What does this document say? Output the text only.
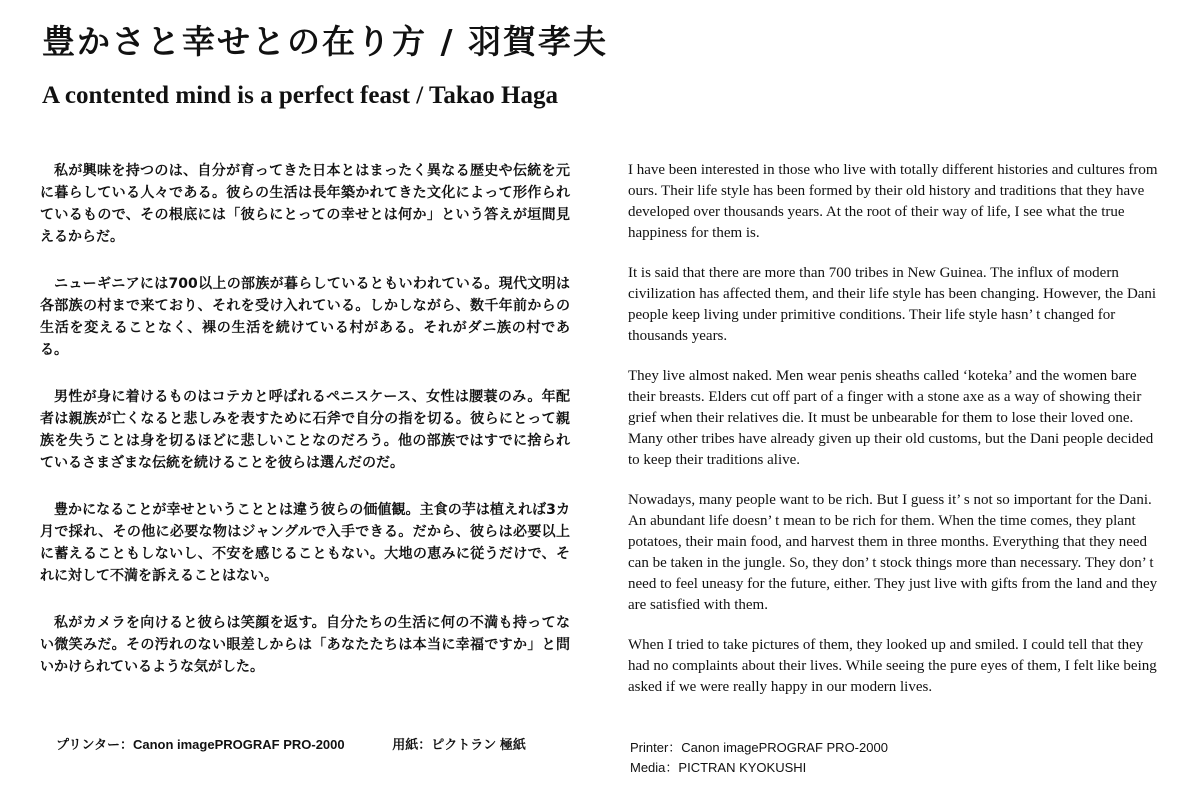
豊かさと幸せとの在り方 / 羽賀孝夫
A contented mind is a perfect feast / Takao Haga

私が興味を持つのは、自分が育ってきた日本とはまったく異なる歴史や伝統を元に暮らしている人々である。彼らの生活は長年築かれてきた文化によって形作られているもので、その根底には「彼らにとっての幸せとは何か」という答えが垣間見えるからだ。

ニューギニアには700以上の部族が暮らしているともいわれている。現代文明は各部族の村まで来ており、それを受け入れている。しかしながら、数千年前からの生活を変えることなく、裸の生活を続けている村がある。それがダニ族の村である。

男性が身に着けるものはコテカと呼ばれるペニスケース、女性は腰蓑のみ。年配者は親族が亡くなると悲しみを表すために石斧で自分の指を切る。彼らにとって親族を失うことは身を切るほどに悲しいことなのだろう。他の部族ではすでに捨られているさまざまな伝統を続けることを彼らは選んだのだ。

豊かになることが幸せということとは違う彼らの価値観。主食の芋は植えれば3カ月で採れ、その他に必要な物はジャングルで入手できる。だから、彼らは必要以上に蓄えることもしないし、不安を感じることもない。大地の恵みに従うだけで、それに対して不満を訴えることはない。

私がカメラを向けると彼らは笑顔を返す。自分たちの生活に何の不満も持ってない微笑みだ。その汚れのない眼差しからは「あなたたちは本当に幸福ですか」と問いかけられているような気がした。

I have been interested in those who live with totally different histories and cultures from ours. Their life style has been formed by their old history and traditions that they have developed over thousands years. At the root of their way of life, I see what the true happiness for them is.

It is said that there are more than 700 tribes in New Guinea. The influx of modern civilization has affected them, and their life style has been changing. However, the Dani people keep living under primitive conditions. Their life style hasn’ t changed for thousands years.

They live almost naked. Men wear penis sheaths called ‘koteka’ and the women bare their breasts. Elders cut off part of a finger with a stone axe as a way of showing their grief when their relatives die. It must be unbearable for them to lose their loved one. Many other tribes have already given up their old customs, but the Dani people decided to keep their traditions alive.

Nowadays, many people want to be rich. But I guess it’ s not so important for the Dani. An abundant life doesn’ t mean to be rich for them. When the time comes, they plant potatoes, their main food, and harvest them in three months. Everything that they need can be taken in the jungle. So, they don’ t stock things more than necessary. They don’ t need to feel uneasy for the future, either. They just live with gifts from the land and they are satisfied with them.

When I tried to take pictures of them, they looked up and smiled. I could tell that they had no complaints about their lives. While seeing the pure eyes of them, I felt like being asked if we were really happy in our modern lives.

プリンター：Canon imagePROGRAF PRO-2000	用紙：ピクトラン 極紙	Printer：Canon imagePROGRAF PRO-2000
Media：PICTRAN KYOKUSHI
